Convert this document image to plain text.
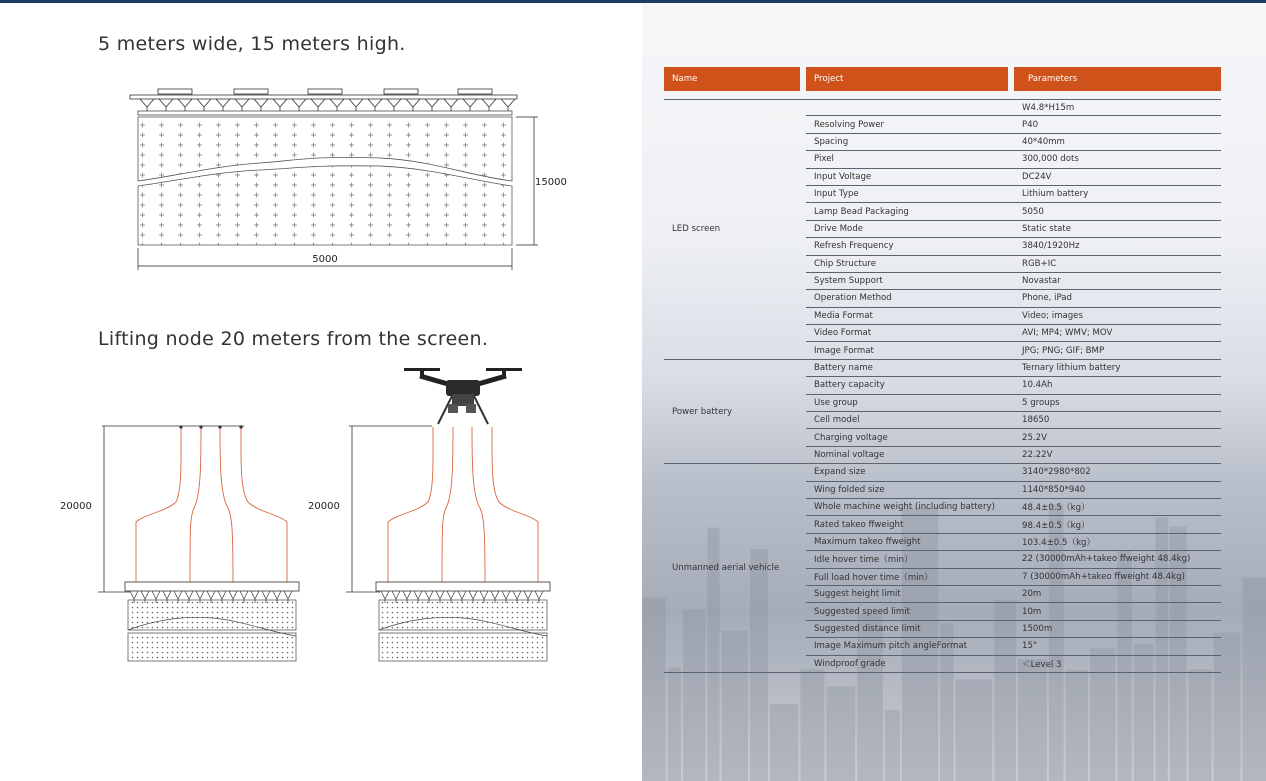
5 meters wide, 15 meters high.
Lifting node 20 meters from the screen.
5000
15000
20000	20000
Name	Project	Parameters

LED screen		W4.8*H15m
	Resolving Power	P40
	Spacing	40*40mm
	Pixel	300,000 dots
	Input Voltage	DC24V
	Input Type	Lithium battery
	Lamp Bead Packaging	5050
	Drive Mode	Static state
	Refresh Frequency	3840/1920Hz
	Chip Structure	RGB+IC
	System Support	Novastar
	Operation Method	Phone, iPad
	Media Format	Video; images
	Video Format	AVI; MP4; WMV; MOV
	Image Format	JPG; PNG; GIF; BMP
Power battery	Battery name	Ternary lithium battery
	Battery capacity	10.4Ah
	Use group	5 groups
	Cell model	18650
	Charging voltage	25.2V
	Nominal voltage	22.22V
Unmanned aerial vehicle	Expand size	3140*2980*802
	Wing folded size	1140*850*940
	Whole machine weight (including battery)	48.4±0.5（kg）
	Rated takeo ffweight	98.4±0.5（kg）
	Maximum takeo ffweight	103.4±0.5（kg）
	Idle hover time（min）	22 (30000mAh+takeo ffweight 48.4kg)
	Full load hover time（min）	7 (30000mAh+takeo ffweight 48.4kg)
	Suggest height limit	20m
	Suggested speed limit	10m
	Suggested distance limit	1500m
	Image Maximum pitch angleFormat	15°
	Windproof grade	＜Level 3
